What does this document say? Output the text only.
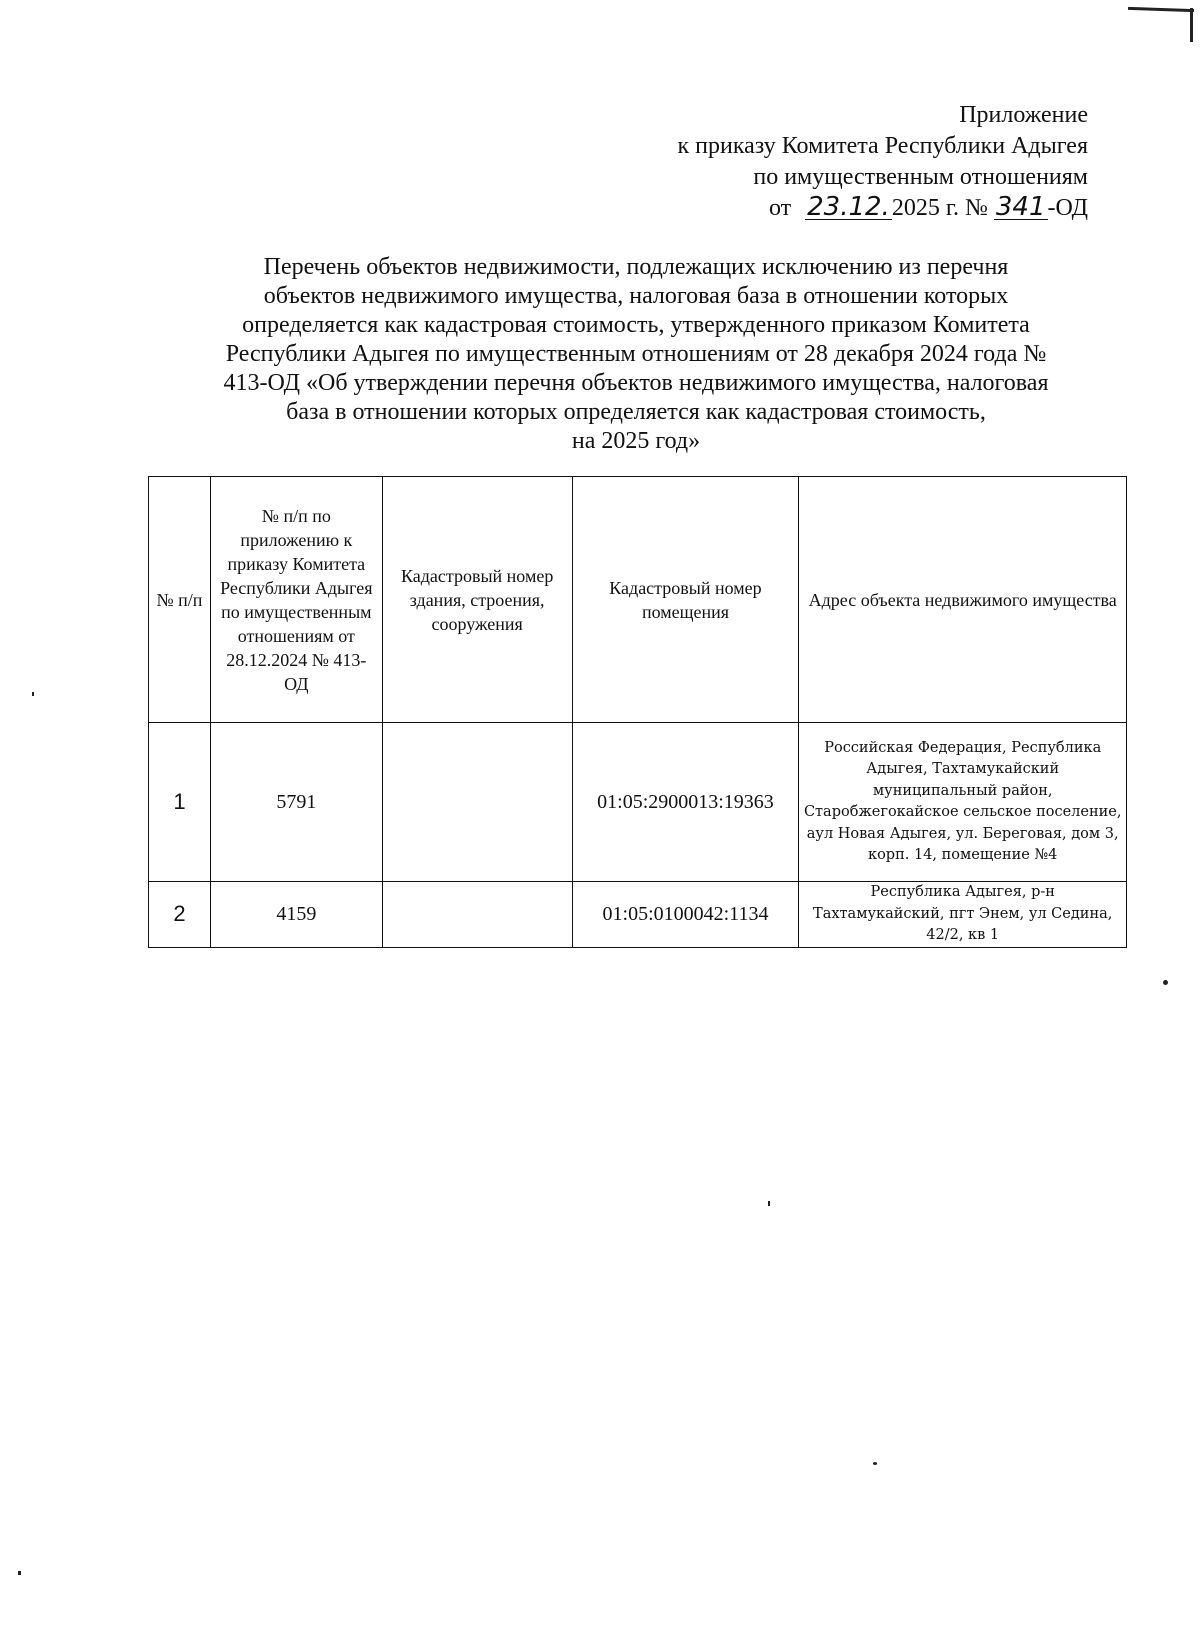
Приложение
к приказу Комитета Республики Адыгея
по имущественным отношениям
от 23.12.2025 г. № 341-ОД
Перечень объектов недвижимости, подлежащих исключению из перечня
объектов недвижимого имущества, налоговая база в отношении которых
определяется как кадастровая стоимость, утвержденного приказом Комитета
Республики Адыгея по имущественным отношениям от 28 декабря 2024 года №
413-ОД «Об утверждении перечня объектов недвижимого имущества, налоговая
база в отношении которых определяется как кадастровая стоимость,
на 2025 год»
№ п/п	№ п/п по приложению к приказу Комитета Республики Адыгея по имущественным отношениям от 28.12.2024 № 413-ОД	Кадастровый номер здания, строения, сооружения	Кадастровый номер помещения	Адрес объекта недвижимого имущества
1	5791		01:05:2900013:19363	Российская Федерация, Республика Адыгея, Тахтамукайский муниципальный район, Старобжегокайское сельское поселение, аул Новая Адыгея, ул. Береговая, дом 3, корп. 14, помещение №4
2	4159		01:05:0100042:1134	Республика Адыгея, р-н Тахтамукайский, пгт Энем, ул Седина, 42/2, кв 1
